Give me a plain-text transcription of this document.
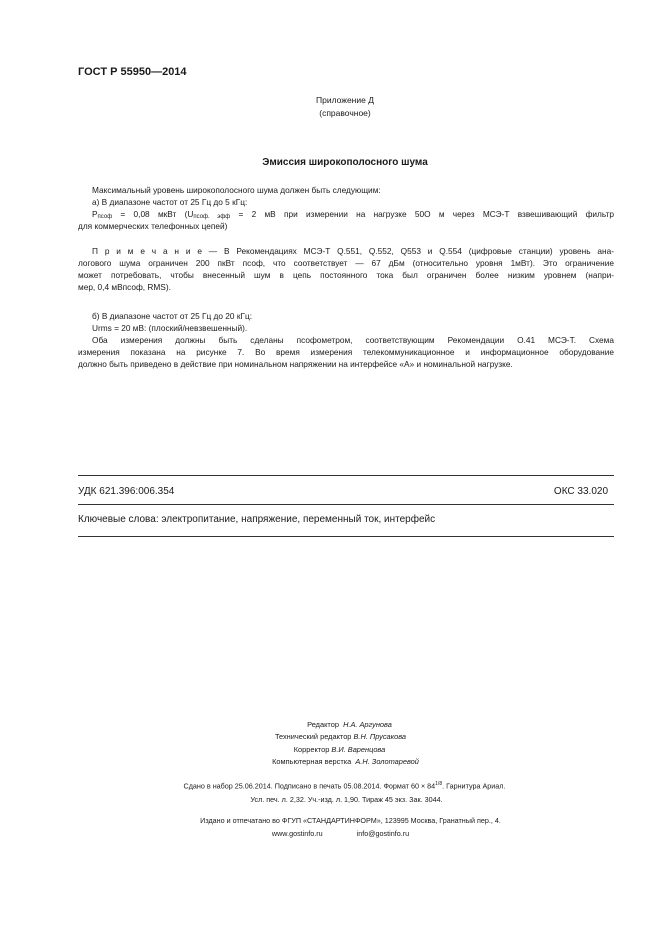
ГОСТ Р 55950—2014
Приложение Д
(справочное)
Эмиссия широкополосного шума
Максимальный уровень широкополосного шума должен быть следующим:
а) В диапазоне частот от 25 Гц до 5 кГц:
Pпсоф = 0,08 мкВт (Uпсоф. эфф = 2 мВ при измерении на нагрузке 50О м через МСЭ-Т взвешивающий фильтр
для коммерческих телефонных цепей)
П р и м е ч а н и е — В Рекомендациях МСЭ-Т Q.551, Q.552, Q553 и Q.554 (цифровые станции) уровень ана-
логового шума ограничен 200 пкВт псоф, что соответствует — 67 дБм (относительно уровня 1мВт). Это ограничение
может потребовать, чтобы внесенный шум в цепь постоянного тока был ограничен более низким уровнем (напри-
мер, 0,4 мВпсоф, RMS).
б) В диапазоне частот от 25 Гц до 20 кГц:
Urms = 20 мВ: (плоский/невзвешенный).
Оба измерения должны быть сделаны псофометром, соответствующим Рекомендации О.41 МСЭ-Т. Схема
измерения показана на рисунке 7. Во время измерения телекоммуникационное и информационное оборудование
должно быть приведено в действие при номинальном напряжении на интерфейсе «А» и номинальной нагрузке.
УДК 621.396:006.354	ОКС 33.020
Ключевые слова: электропитание, напряжение, переменный ток, интерфейс
Редактор Н.А. Аргунова
Технический редактор В.Н. Прусакова
Корректор В.И. Варенцова
Компьютерная верстка А.Н. Золотаревой
Сдано в набор 25.06.2014. Подписано в печать 05.08.2014. Формат $60 \times 84^{1/8}$. Гарнитура Ариал.
Усл. печ. л. 2,32. Уч.-изд. л. 1,90. Тираж 45 экз. Зак. 3044.
Издано и отпечатано во ФГУП «СТАНДАРТИНФОРМ», 123995 Москва, Гранатный пер., 4.
www.gostinfo.ru	info@gostinfo.ru
